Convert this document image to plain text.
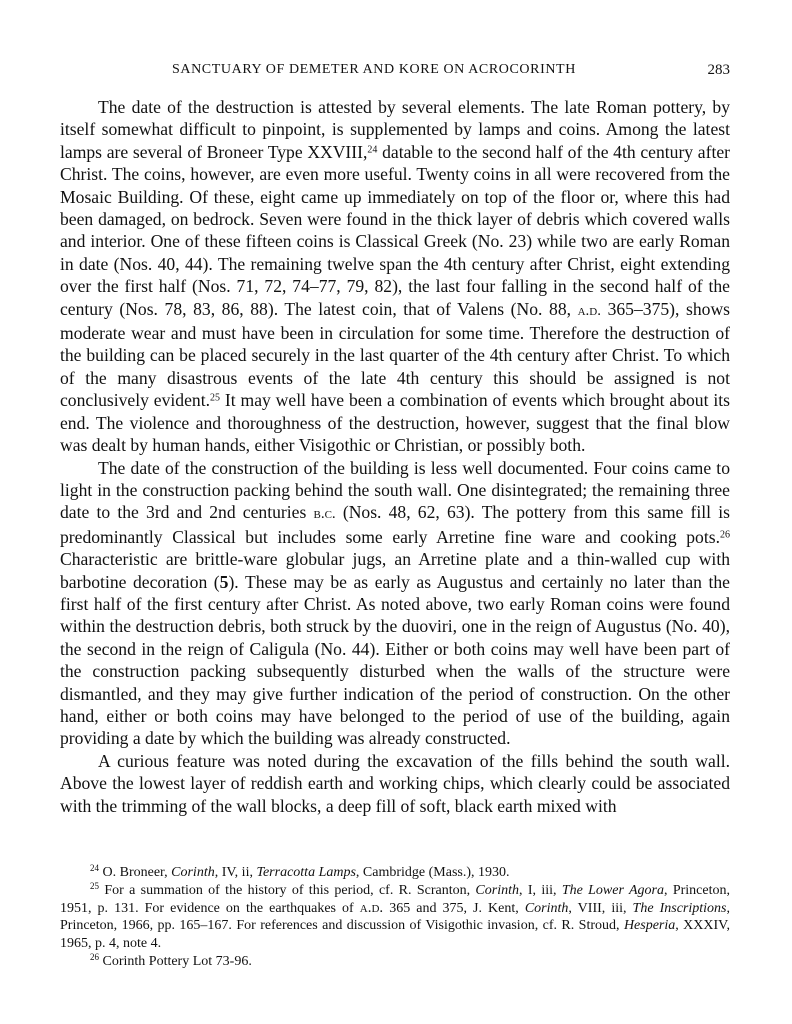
SANCTUARY OF DEMETER AND KORE ON ACROCORINTH	283

The date of the destruction is attested by several elements. The late Roman pottery, by itself somewhat difficult to pinpoint, is supplemented by lamps and coins. Among the latest lamps are several of Broneer Type XXVIII,$^{24}$ datable to the second half of the 4th century after Christ. The coins, however, are even more useful. Twenty coins in all were recovered from the Mosaic Building. Of these, eight came up immediately on top of the floor or, where this had been damaged, on bedrock. Seven were found in the thick layer of debris which covered walls and interior. One of these fifteen coins is Classical Greek (No. 23) while two are early Roman in date (Nos. 40, 44). The remaining twelve span the 4th century after Christ, eight extending over the first half (Nos. 71, 72, 74–77, 79, 82), the last four falling in the second half of the century (Nos. 78, 83, 86, 88). The latest coin, that of Valens (No. 88, a.d. 365–375), shows moderate wear and must have been in circulation for some time. Therefore the destruction of the building can be placed securely in the last quarter of the 4th century after Christ. To which of the many disastrous events of the late 4th century this should be assigned is not conclusively evident.$^{25}$ It may well have been a combination of events which brought about its end. The violence and thoroughness of the destruction, however, suggest that the final blow was dealt by human hands, either Visigothic or Christian, or possibly both.

The date of the construction of the building is less well documented. Four coins came to light in the construction packing behind the south wall. One disintegrated; the remaining three date to the 3rd and 2nd centuries b.c. (Nos. 48, 62, 63). The pottery from this same fill is predominantly Classical but includes some early Arretine fine ware and cooking pots.$^{26}$ Characteristic are brittle-ware globular jugs, an Arretine plate and a thin-walled cup with barbotine decoration (5). These may be as early as Augustus and certainly no later than the first half of the first century after Christ. As noted above, two early Roman coins were found within the destruction debris, both struck by the duoviri, one in the reign of Augustus (No. 40), the second in the reign of Caligula (No. 44). Either or both coins may well have been part of the construction packing subsequently disturbed when the walls of the structure were dismantled, and they may give further indication of the period of construction. On the other hand, either or both coins may have belonged to the period of use of the building, again providing a date by which the building was already constructed.

A curious feature was noted during the excavation of the fills behind the south wall. Above the lowest layer of reddish earth and working chips, which clearly could be associated with the trimming of the wall blocks, a deep fill of soft, black earth mixed with

$^{24}$ O. Broneer, Corinth, IV, ii, Terracotta Lamps, Cambridge (Mass.), 1930.

$^{25}$ For a summation of the history of this period, cf. R. Scranton, Corinth, I, iii, The Lower Agora, Princeton, 1951, p. 131. For evidence on the earthquakes of a.d. 365 and 375, J. Kent, Corinth, VIII, iii, The Inscriptions, Princeton, 1966, pp. 165–167. For references and discussion of Visigothic invasion, cf. R. Stroud, Hesperia, XXXIV, 1965, p. 4, note 4.

$^{26}$ Corinth Pottery Lot 73-96.
